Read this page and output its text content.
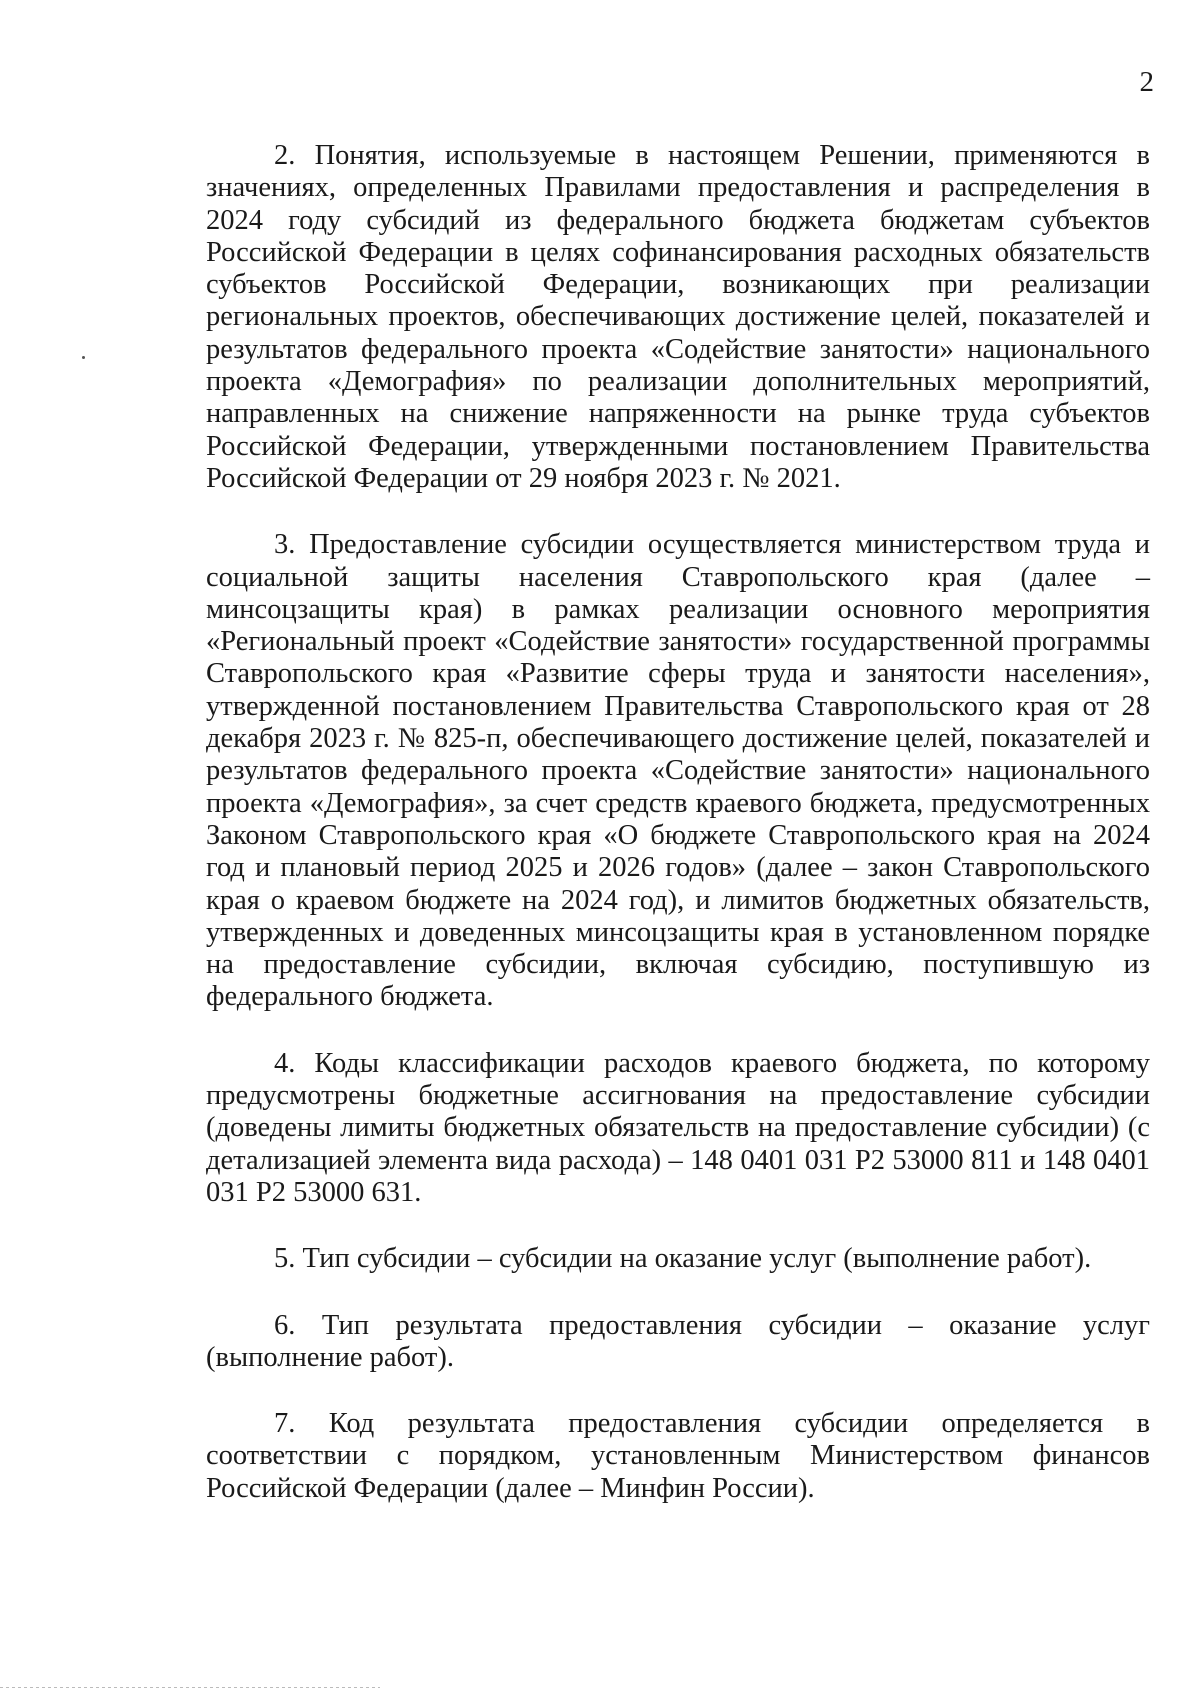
2

2. Понятия, используемые в настоящем Решении, применяются в значениях, определенных Правилами предоставления и распределения в 2024 году субсидий из федерального бюджета бюджетам субъектов Российской Федерации в целях софинансирования расходных обязательств субъектов Российской Федерации, возникающих при реализации региональных проектов, обеспечивающих достижение целей, показателей и результатов федерального проекта «Содействие занятости» национального проекта «Демография» по реализации дополнительных мероприятий, направленных на снижение напряженности на рынке труда субъектов Российской Федерации, утвержденными постановлением Правительства Российской Федерации от 29 ноября 2023 г. № 2021.

3. Предоставление субсидии осуществляется министерством труда и социальной защиты населения Ставропольского края (далее – минсоцзащиты края) в рамках реализации основного мероприятия «Региональный проект «Содействие занятости» государственной программы Ставропольского края «Развитие сферы труда и занятости населения», утвержденной постановлением Правительства Ставропольского края от 28 декабря 2023 г. № 825-п, обеспечивающего достижение целей, показателей и результатов федерального проекта «Содействие занятости» национального проекта «Демография», за счет средств краевого бюджета, предусмотренных Законом Ставропольского края «О бюджете Ставропольского края на 2024 год и плановый период 2025 и 2026 годов» (далее – закон Ставропольского края о краевом бюджете на 2024 год), и лимитов бюджетных обязательств, утвержденных и доведенных минсоцзащиты края в установленном порядке на предоставление субсидии, включая субсидию, поступившую из федерального бюджета.

4. Коды классификации расходов краевого бюджета, по которому предусмотрены бюджетные ассигнования на предоставление субсидии (доведены лимиты бюджетных обязательств на предоставление субсидии) (с детализацией элемента вида расхода) – 148 0401 031 Р2 53000 811 и 148 0401 031 Р2 53000 631.

5. Тип субсидии – субсидии на оказание услуг (выполнение работ).

6. Тип результата предоставления субсидии – оказание услуг (выполнение работ).

7. Код результата предоставления субсидии определяется в соответствии с порядком, установленным Министерством финансов Российской Федерации (далее – Минфин России).
